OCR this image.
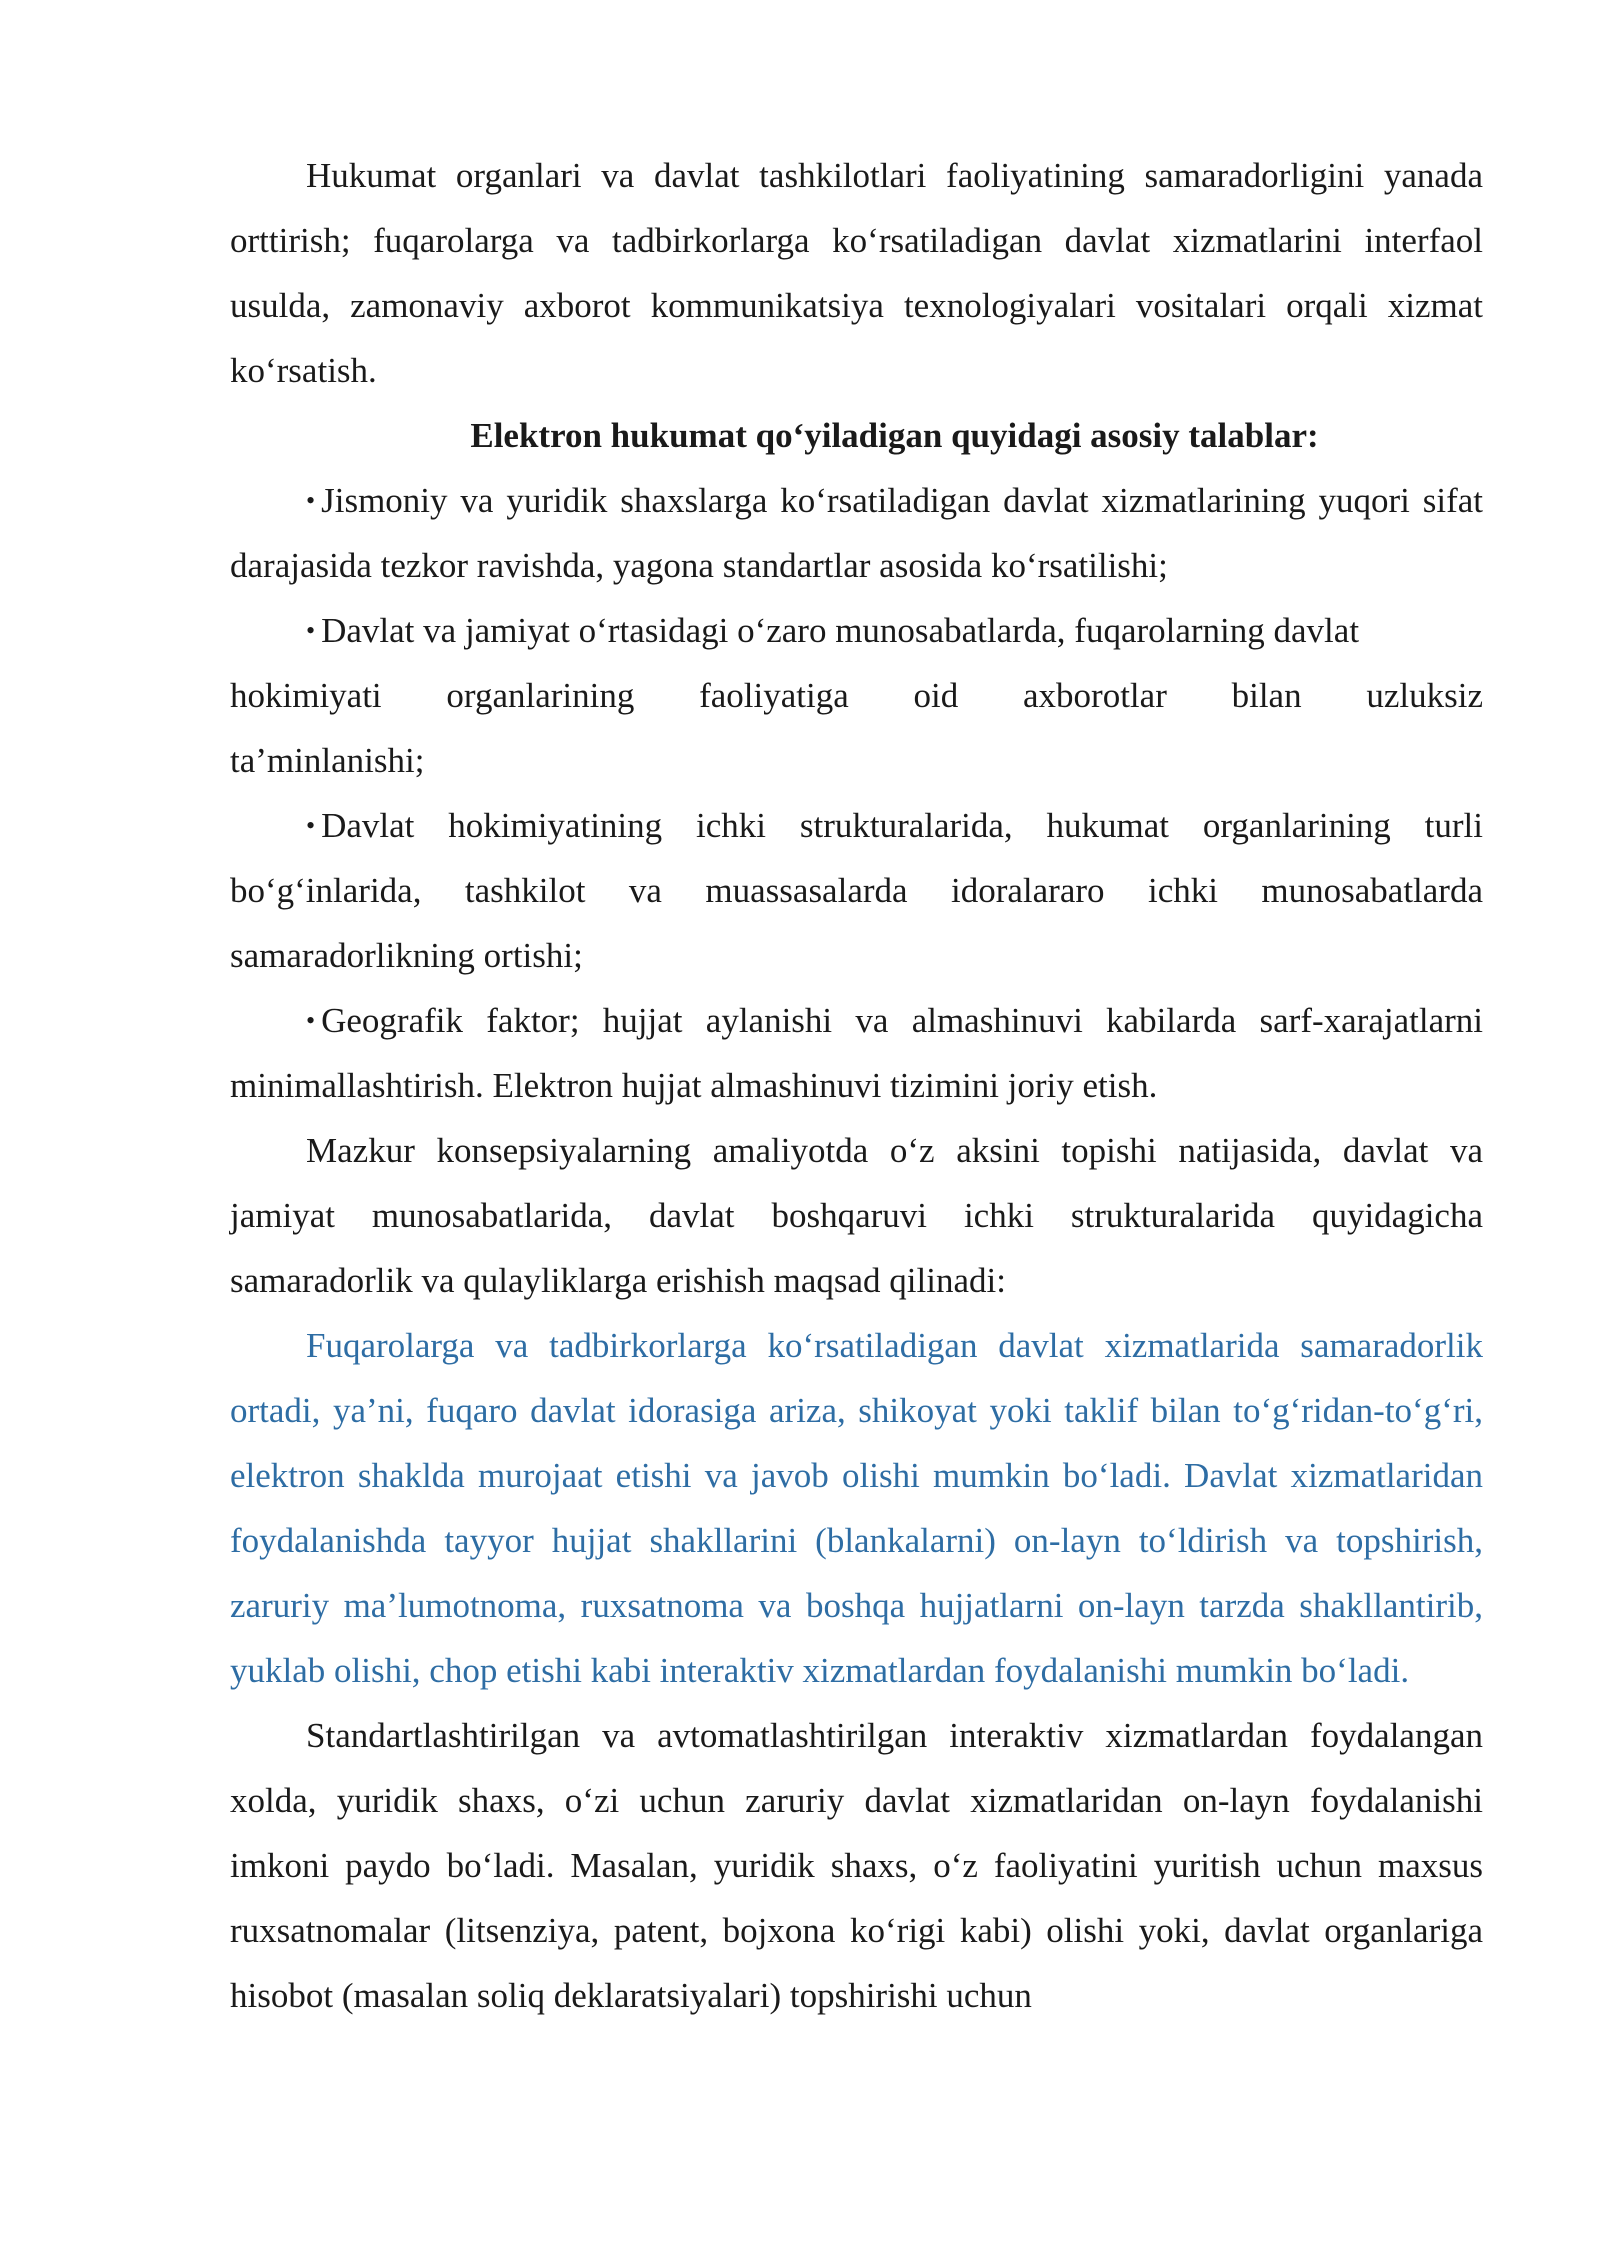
Hukumat organlari va davlat tashkilotlari faoliyatining samaradorligini yanada orttirish; fuqarolarga va tadbirkorlarga ko‘rsatiladigan davlat xizmatlarini interfaol usulda, zamonaviy axborot kommunikatsiya texnologiyalari vositalari orqali xizmat ko‘rsatish.

Elektron hukumat qo‘yiladigan quyidagi asosiy talablar:

• Jismoniy va yuridik shaxslarga ko‘rsatiladigan davlat xizmatlarining yuqori sifat darajasida tezkor ravishda, yagona standartlar asosida ko‘rsatilishi;

• Davlat va jamiyat o‘rtasidagi o‘zaro munosabatlarda, fuqarolarning davlat

hokimiyati organlarining faoliyatiga oid axborotlar bilan uzluksiz

ta’minlanishi;

• Davlat hokimiyatining ichki strukturalarida, hukumat organlarining turli bo‘g‘inlarida, tashkilot va muassasalarda idoralararo ichki munosabatlarda samaradorlikning ortishi;

• Geografik faktor; hujjat aylanishi va almashinuvi kabilarda sarf-xarajatlarni minimallashtirish. Elektron hujjat almashinuvi tizimini joriy etish.

Mazkur konsepsiyalarning amaliyotda o‘z aksini topishi natijasida, davlat va jamiyat munosabatlarida, davlat boshqaruvi ichki strukturalarida quyidagicha samaradorlik va qulayliklarga erishish maqsad qilinadi:

Fuqarolarga va tadbirkorlarga ko‘rsatiladigan davlat xizmatlarida samaradorlik ortadi, ya’ni, fuqaro davlat idorasiga ariza, shikoyat yoki taklif bilan to‘g‘ridan-to‘g‘ri, elektron shaklda murojaat etishi va javob olishi mumkin bo‘ladi. Davlat xizmatlaridan foydalanishda tayyor hujjat shakllarini (blankalarni) on-layn to‘ldirish va topshirish, zaruriy ma’lumotnoma, ruxsatnoma va boshqa hujjatlarni on-layn tarzda shakllantirib, yuklab olishi, chop etishi kabi interaktiv xizmatlardan foydalanishi mumkin bo‘ladi.

Standartlashtirilgan va avtomatlashtirilgan interaktiv xizmatlardan foydalangan xolda, yuridik shaxs, o‘zi uchun zaruriy davlat xizmatlaridan on-layn foydalanishi imkoni paydo bo‘ladi. Masalan, yuridik shaxs, o‘z faoliyatini yuritish uchun maxsus ruxsatnomalar (litsenziya, patent, bojxona ko‘rigi kabi) olishi yoki, davlat organlariga hisobot (masalan soliq deklaratsiyalari) topshirishi uchun
